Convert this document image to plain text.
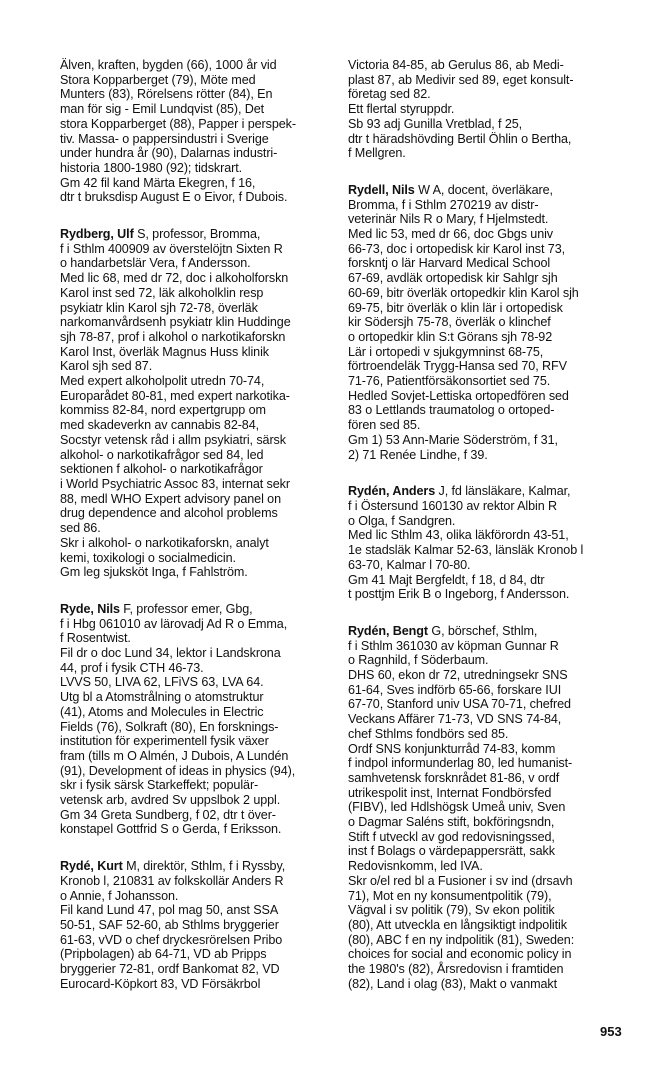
Älven, kraften, bygden (66), 1000 år vid

Stora Kopparberget (79), Möte med

Munters (83), Rörelsens rötter (84), En

man för sig - Emil Lundqvist (85), Det

stora Kopparberget (88), Papper i perspek-

tiv. Massa- o pappersindustri i Sverige

under hundra år (90), Dalarnas industri-

historia 1800-1980 (92); tidskrart.

Gm 42 fil kand Märta Ekegren, f 16,

dtr t bruksdisp August E o Eivor, f Dubois.

Rydberg, Ulf S, professor, Bromma,

f i Sthlm 400909 av överstelöjtn Sixten R

o handarbetslär Vera, f Andersson.

Med lic 68, med dr 72, doc i alkoholforskn

Karol inst sed 72, läk alkoholklin resp

psykiatr klin Karol sjh 72-78, överläk

narkomanvårdsenh psykiatr klin Huddinge

sjh 78-87, prof i alkohol o narkotikaforskn

Karol Inst, överläk Magnus Huss klinik

Karol sjh sed 87.

Med expert alkoholpolit utredn 70-74,

Europarådet 80-81, med expert narkotika-

kommiss 82-84, nord expertgrupp om

med skadeverkn av cannabis 82-84,

Socstyr vetensk råd i allm psykiatri, särsk

alkohol- o narkotikafrågor sed 84, led

sektionen f alkohol- o narkotikafrågor

i World Psychiatric Assoc 83, internat sekr

88, medl WHO Expert advisory panel on

drug dependence and alcohol problems

sed 86.

Skr i alkohol- o narkotikaforskn, analyt

kemi, toxikologi o socialmedicin.

Gm leg sjuksköt Inga, f Fahlström.

Ryde, Nils F, professor emer, Gbg,

f i Hbg 061010 av lärovadj Ad R o Emma,

f Rosentwist.

Fil dr o doc Lund 34, lektor i Landskrona

44, prof i fysik CTH 46-73.

LVVS 50, LIVA 62, LFiVS 63, LVA 64.

Utg bl a Atomstrålning o atomstruktur

(41), Atoms and Molecules in Electric

Fields (76), Solkraft (80), En forsknings-

institution för experimentell fysik växer

fram (tills m O Almén, J Dubois, A Lundén

(91), Development of ideas in physics (94),

skr i fysik särsk Starkeffekt; populär-

vetensk arb, avdred Sv uppslbok 2 uppl.

Gm 34 Greta Sundberg, f 02, dtr t över-

konstapel Gottfrid S o Gerda, f Eriksson.

Rydé, Kurt M, direktör, Sthlm, f i Ryssby,

Kronob l, 210831 av folkskollär Anders R

o Annie, f Johansson.

Fil kand Lund 47, pol mag 50, anst SSA

50-51, SAF 52-60, ab Sthlms bryggerier

61-63, vVD o chef dryckesrörelsen Pribo

(Pripbolagen) ab 64-71, VD ab Pripps

bryggerier 72-81, ordf Bankomat 82, VD

Eurocard-Köpkort 83, VD Försäkrbol

Victoria 84-85, ab Gerulus 86, ab Medi-

plast 87, ab Medivir sed 89, eget konsult-

företag sed 82.

Ett flertal styruppdr.

Sb 93 adj Gunilla Vretblad, f 25,

dtr t häradshövding Bertil Öhlin o Bertha,

f Mellgren.

Rydell, Nils W A, docent, överläkare,

Bromma, f i Sthlm 270219 av distr-

veterinär Nils R o Mary, f Hjelmstedt.

Med lic 53, med dr 66, doc Gbgs univ

66-73, doc i ortopedisk kir Karol inst 73,

forskntj o lär Harvard Medical School

67-69, avdläk ortopedisk kir Sahlgr sjh

60-69, bitr överläk ortopedkir klin Karol sjh

69-75, bitr överläk o klin lär i ortopedisk

kir Södersjh 75-78, överläk o klinchef

o ortopedkir klin S:t Görans sjh 78-92

Lär i ortopedi v sjukgymninst 68-75,

förtroendeläk Trygg-Hansa sed 70, RFV

71-76, Patientförsäkonsortiet sed 75.

Hedled Sovjet-Lettiska ortopedfören sed

83 o Lettlands traumatolog o ortoped-

fören sed 85.

Gm 1) 53 Ann-Marie Söderström, f 31,

2) 71 Renée Lindhe, f 39.

Rydén, Anders J, fd länsläkare, Kalmar,

f i Östersund 160130 av rektor Albin R

o Olga, f Sandgren.

Med lic Sthlm 43, olika läkförordn 43-51,

1e stadsläk Kalmar 52-63, länsläk Kronob l

63-70, Kalmar l 70-80.

Gm 41 Majt Bergfeldt, f 18, d 84, dtr

t posttjm Erik B o Ingeborg, f Andersson.

Rydén, Bengt G, börschef, Sthlm,

f i Sthlm 361030 av köpman Gunnar R

o Ragnhild, f Söderbaum.

DHS 60, ekon dr 72, utredningsekr SNS

61-64, Sves indförb 65-66, forskare IUI

67-70, Stanford univ USA 70-71, chefred

Veckans Affärer 71-73, VD SNS 74-84,

chef Sthlms fondbörs sed 85.

Ordf SNS konjunkturråd 74-83, komm

f indpol informunderlag 80, led humanist-

samhvetensk forsknrådet 81-86, v ordf

utrikespolit inst, Internat Fondbörsfed

(FIBV), led Hdlshögsk Umeå univ, Sven

o Dagmar Saléns stift, bokföringsndn,

Stift f utveckl av god redovisningssed,

inst f Bolags o värdepappersrätt, sakk

Redovisnkomm, led IVA.

Skr o/el red bl a Fusioner i sv ind (drsavh

71), Mot en ny konsumentpolitik (79),

Vägval i sv politik (79), Sv ekon politik

(80), Att utveckla en långsiktigt indpolitik

(80), ABC f en ny indpolitik (81), Sweden:

choices for social and economic policy in

the 1980's (82), Årsredovisn i framtiden

(82), Land i olag (83), Makt o vanmakt

953
